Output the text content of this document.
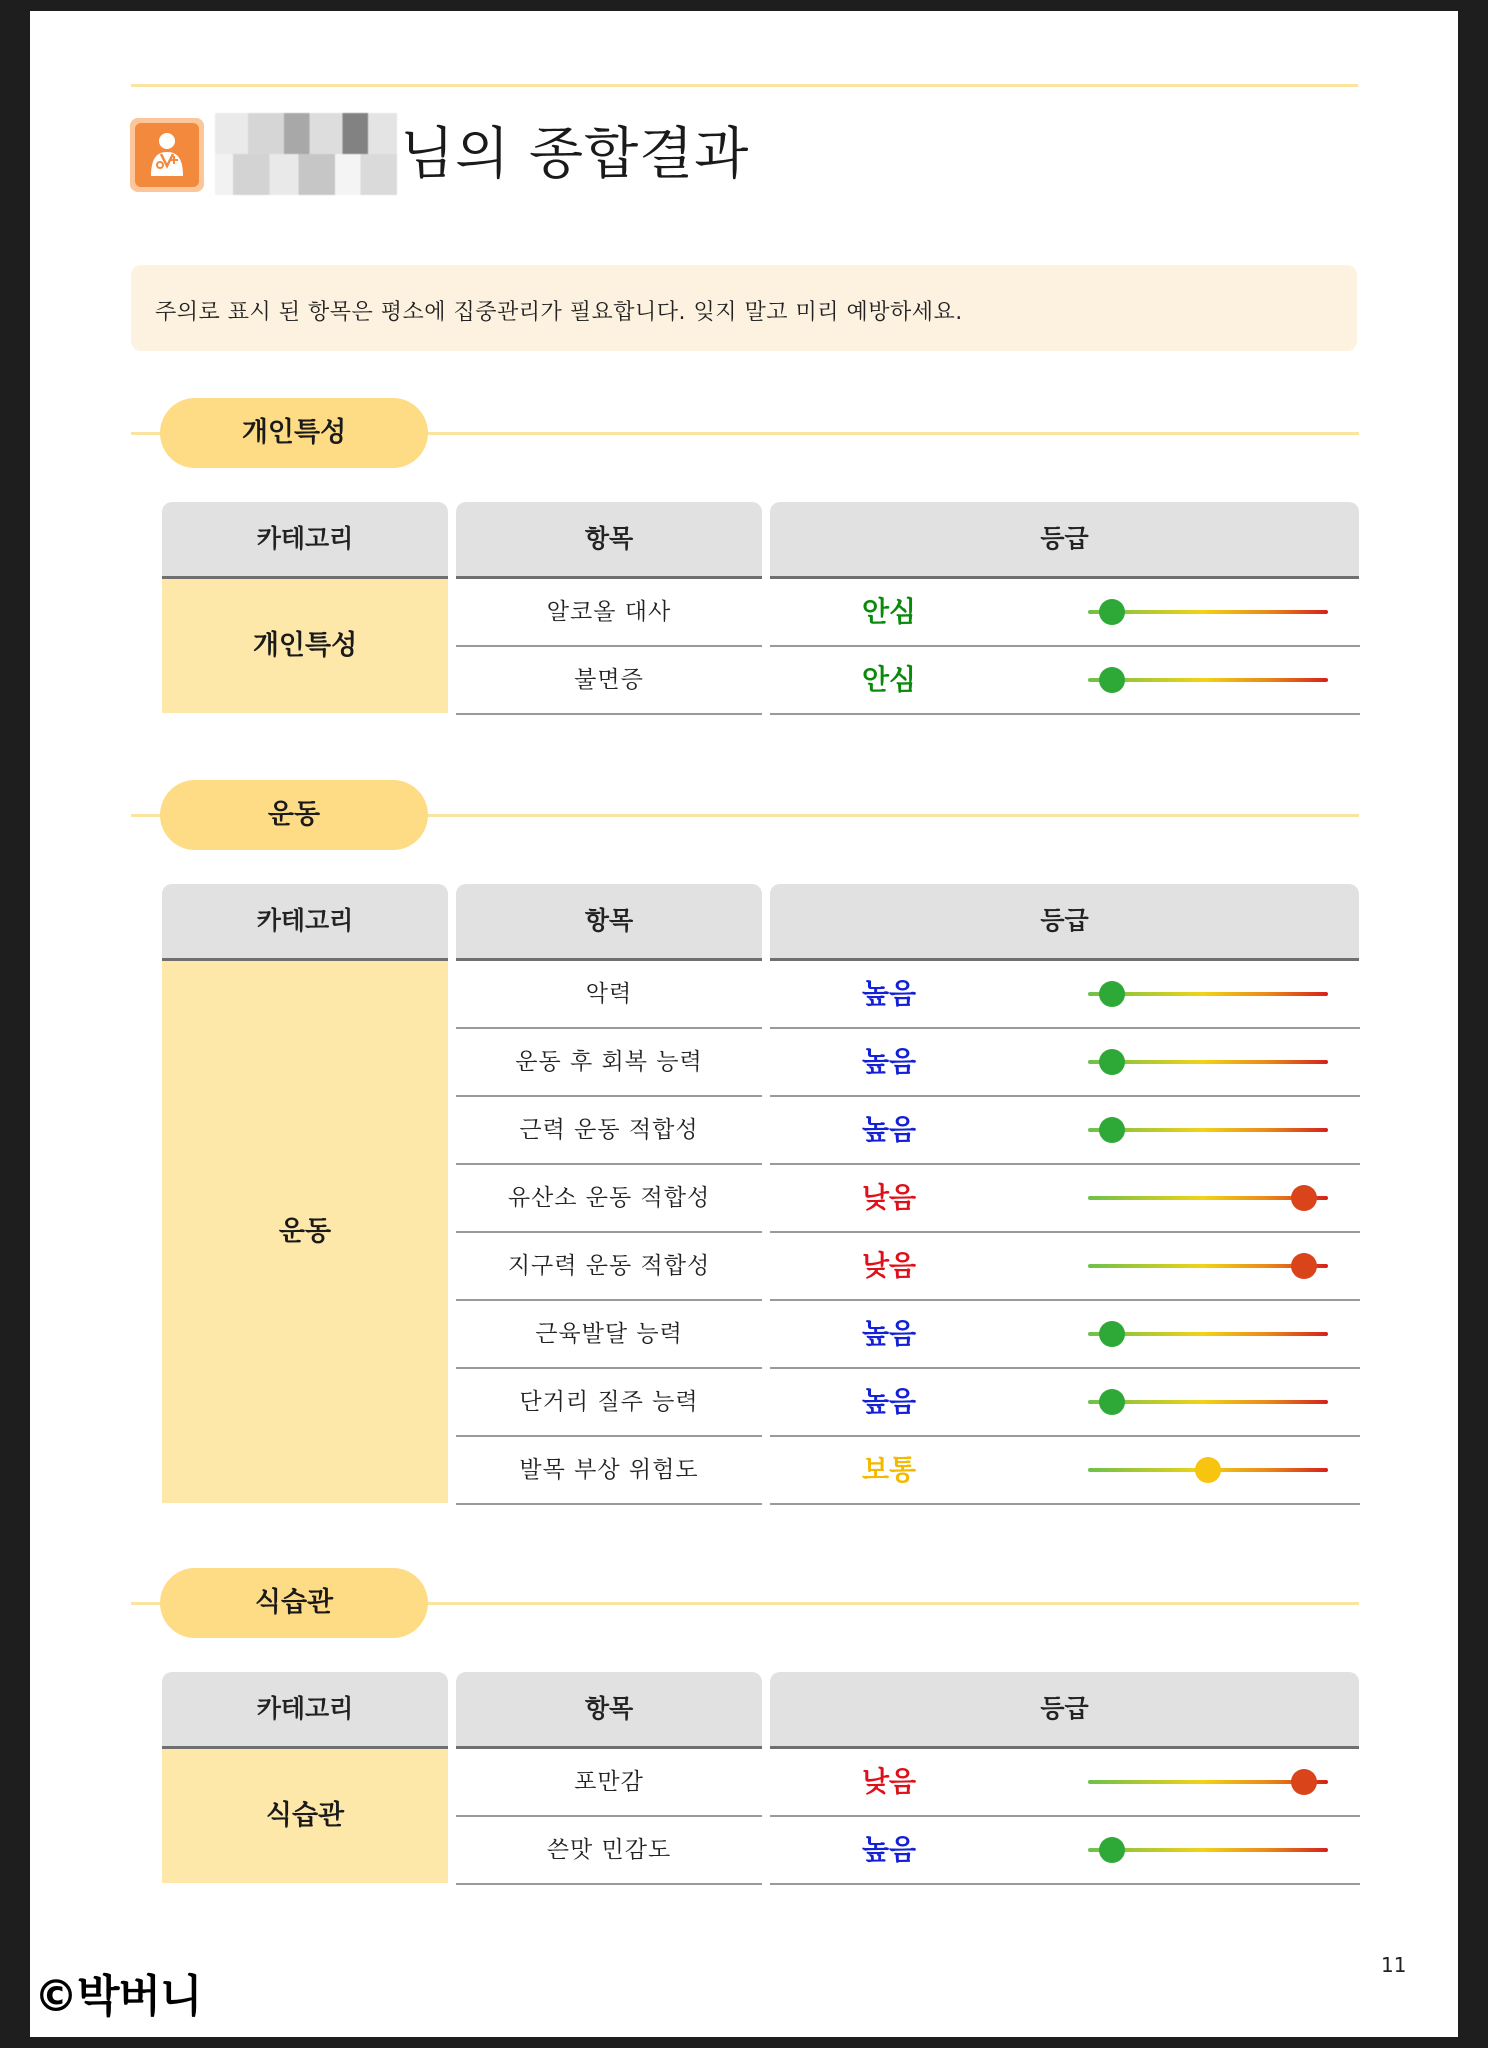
님의 종합결과
주의로 표시 된 항목은 평소에 집중관리가 필요합니다. 잊지 말고 미리 예방하세요.
개인특성
카테고리	항목	등급
개인특성
알코올 대사	안심
불면증	안심
운동
카테고리	항목	등급
운동
악력	높음
운동 후 회복 능력	높음
근력 운동 적합성	높음
유산소 운동 적합성	낮음
지구력 운동 적합성	낮음
근육발달 능력	높음
단거리 질주 능력	높음
발목 부상 위험도	보통
식습관
카테고리	항목	등급
식습관
포만감	낮음
쓴맛 민감도	높음
11
©박버니
